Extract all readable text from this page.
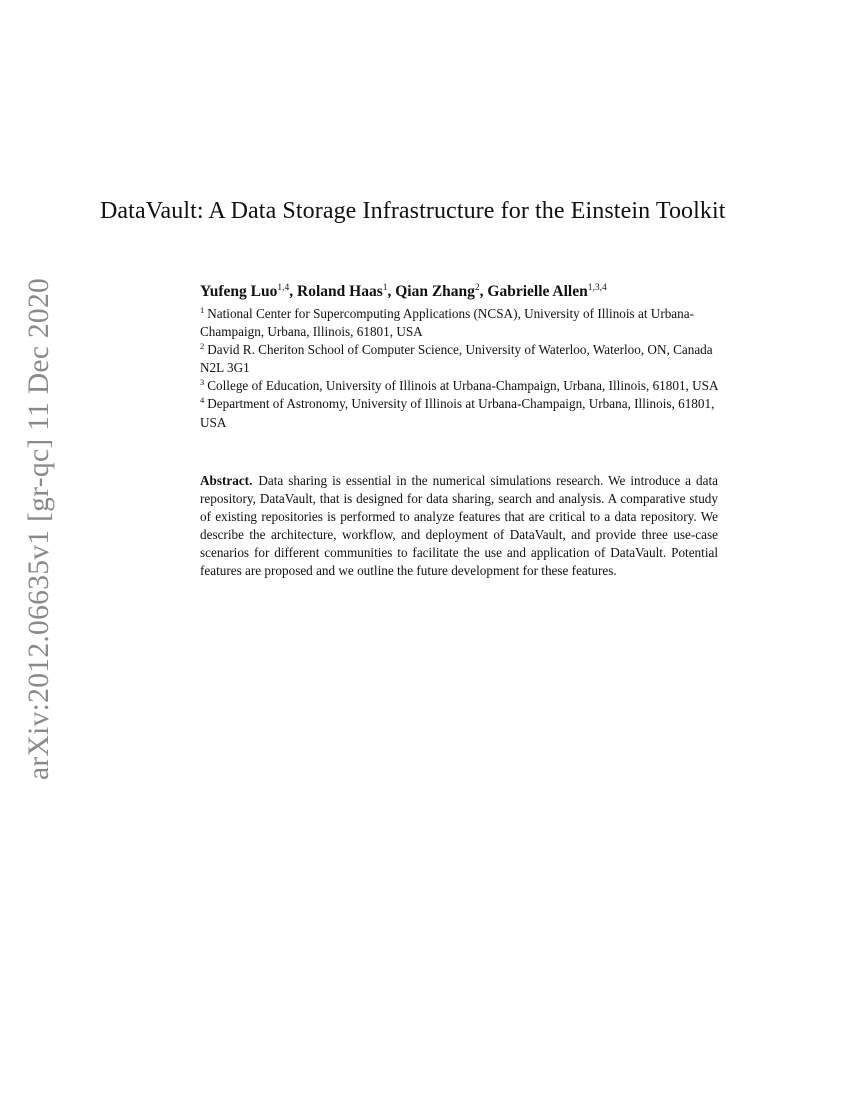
arXiv:2012.06635v1 [gr-qc] 11 Dec 2020
DataVault: A Data Storage Infrastructure for the Einstein Toolkit
Yufeng Luo$^{1,4}$, Roland Haas$^1$, Qian Zhang$^2$, Gabrielle Allen$^{1,3,4}$

$^1$ National Center for Supercomputing Applications (NCSA), University of Illinois at Urbana-Champaign, Urbana, Illinois, 61801, USA

$^2$ David R. Cheriton School of Computer Science, University of Waterloo, Waterloo, ON, Canada N2L 3G1

$^3$ College of Education, University of Illinois at Urbana-Champaign, Urbana, Illinois, 61801, USA

$^4$ Department of Astronomy, University of Illinois at Urbana-Champaign, Urbana, Illinois, 61801, USA

Abstract. Data sharing is essential in the numerical simulations research. We introduce a data repository, DataVault, that is designed for data sharing, search and analysis. A comparative study of existing repositories is performed to analyze features that are critical to a data repository. We describe the architecture, workflow, and deployment of DataVault, and provide three use-case scenarios for different communities to facilitate the use and application of DataVault. Potential features are proposed and we outline the future development for these features.
